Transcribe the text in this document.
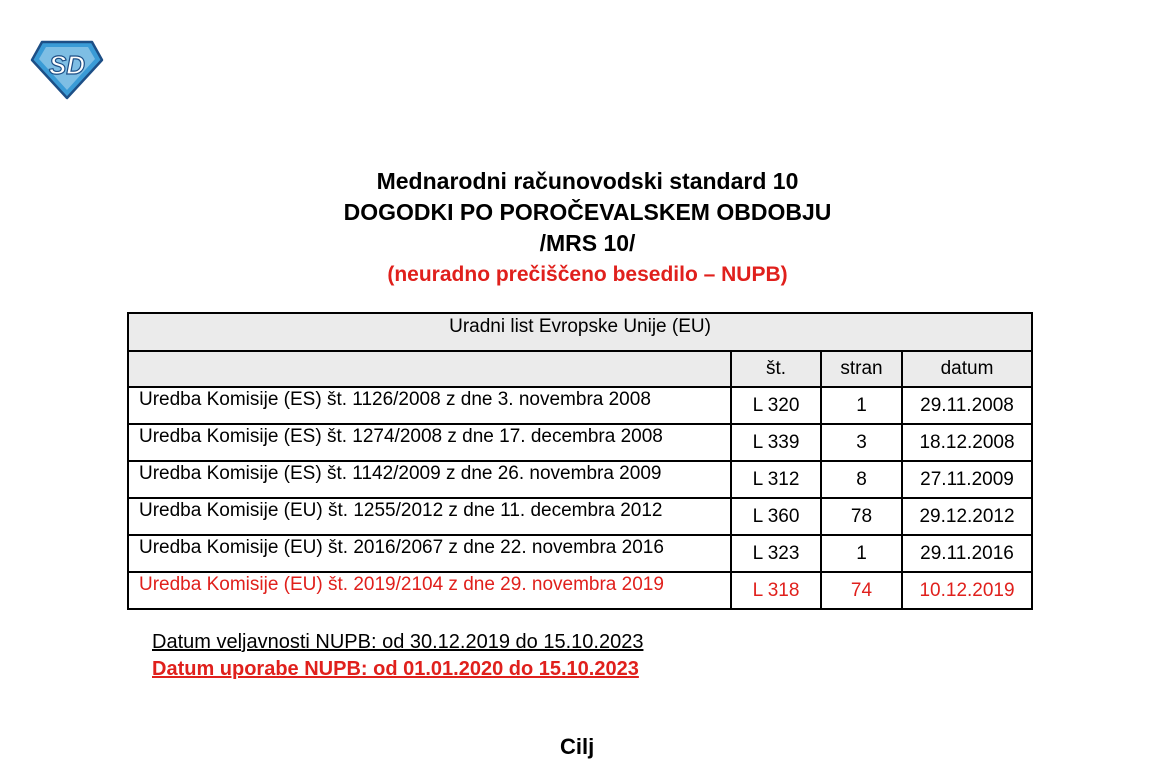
SD
Mednarodni računovodski standard 10
DOGODKI PO POROČEVALSKEM OBDOBJU
/MRS 10/
(neuradno prečiščeno besedilo – NUPB)
Uradni list Evropske Unije (EU)			
	št.	stran	datum
Uredba Komisije (ES) št. 1126/2008 z dne 3. novembra 2008	L 320	1	29.11.2008
Uredba Komisije (ES) št. 1274/2008 z dne 17. decembra 2008	L 339	3	18.12.2008
Uredba Komisije (ES) št. 1142/2009 z dne 26. novembra 2009	L 312	8	27.11.2009
Uredba Komisije (EU) št. 1255/2012 z dne 11. decembra 2012	L 360	78	29.12.2012
Uredba Komisije (EU) št. 2016/2067 z dne 22. novembra 2016	L 323	1	29.11.2016
Uredba Komisije (EU) št. 2019/2104 z dne 29. novembra 2019	L 318	74	10.12.2019
Datum veljavnosti NUPB: od 30.12.2019 do 15.10.2023
Datum uporabe NUPB: od 01.01.2020 do 15.10.2023
Cilj
